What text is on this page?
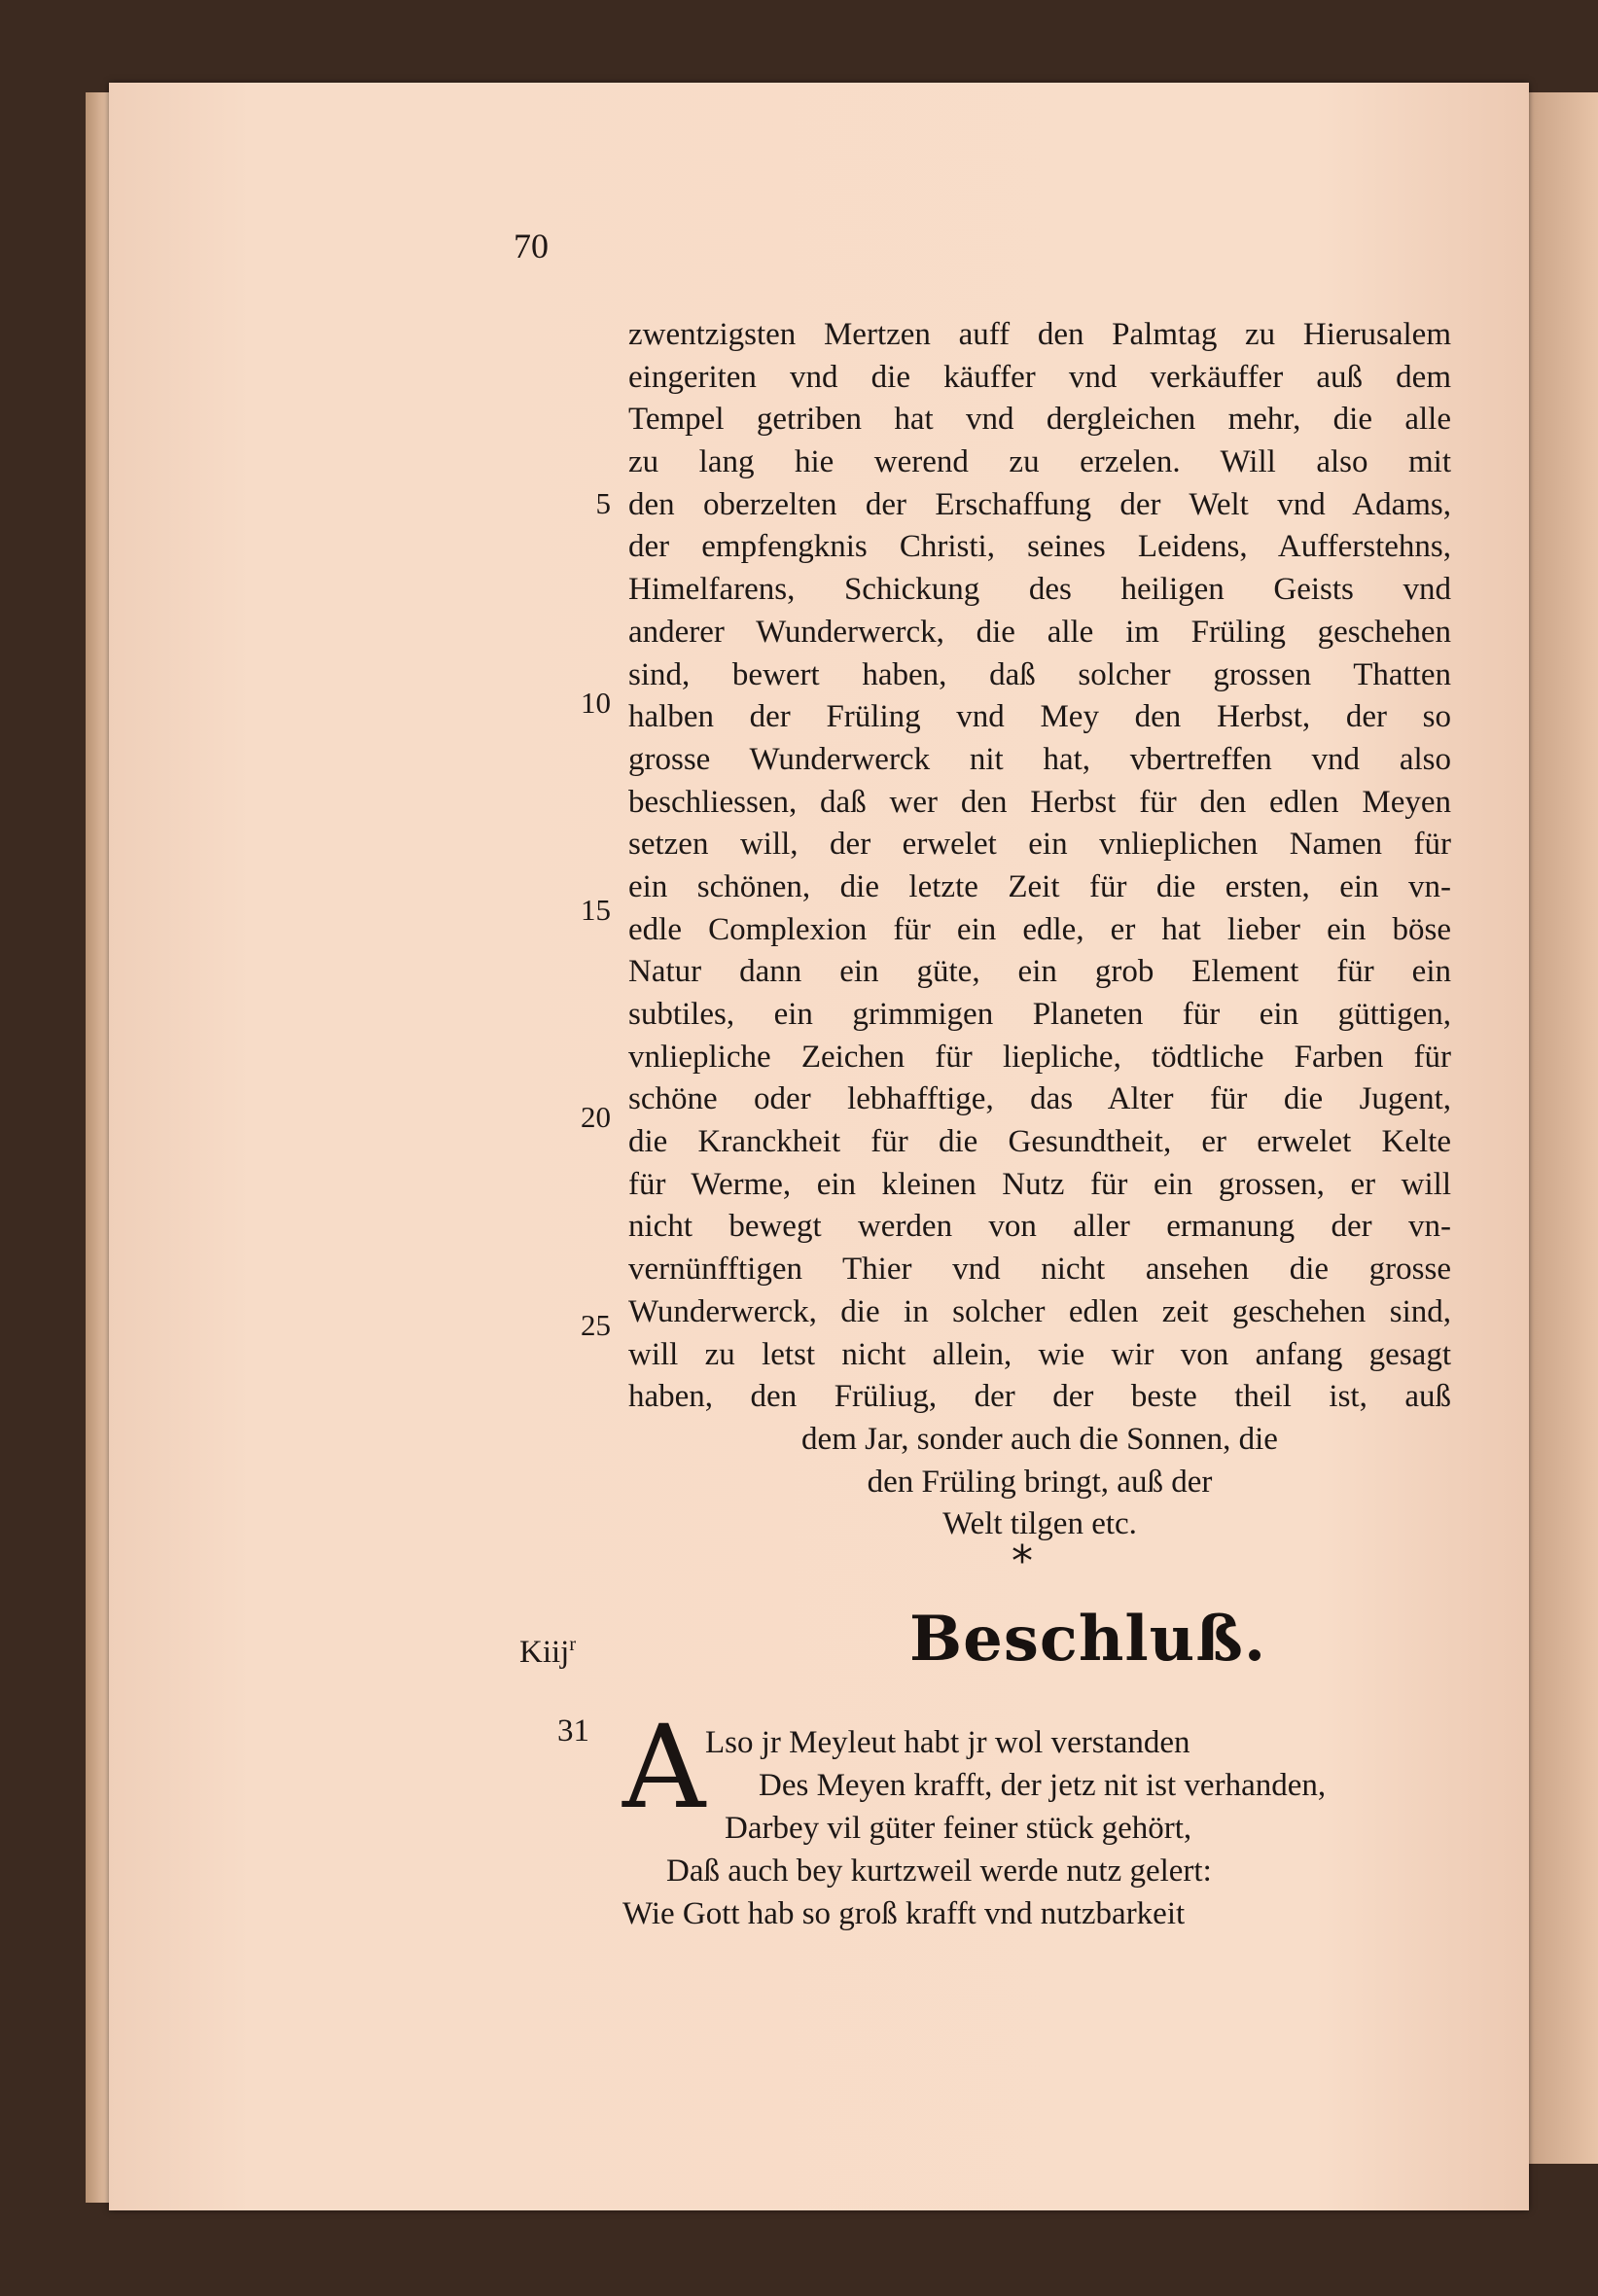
70
zwentzigsten Mertzen auff den Palmtag zu Hierusalem
eingeriten vnd die käuffer vnd verkäuffer auß dem
Tempel getriben hat vnd dergleichen mehr, die alle
zu lang hie werend zu erzelen. Will also mit
den oberzelten der Erschaffung der Welt vnd Adams,
der empfengknis Christi, seines Leidens, Aufferstehns,
Himelfarens, Schickung des heiligen Geists vnd
anderer Wunderwerck, die alle im Früling geschehen
sind, bewert haben, daß solcher grossen Thatten
halben der Früling vnd Mey den Herbst, der so
grosse Wunderwerck nit hat, vbertreffen vnd also
beschliessen, daß wer den Herbst für den edlen Meyen
setzen will, der erwelet ein vnlieplichen Namen für
ein schönen, die letzte Zeit für die ersten, ein vn-
edle Complexion für ein edle, er hat lieber ein böse
Natur dann ein güte, ein grob Element für ein
subtiles, ein grimmigen Planeten für ein güttigen,
vnliepliche Zeichen für liepliche, tödtliche Farben für
schöne oder lebhafftige, das Alter für die Jugent,
die Kranckheit für die Gesundtheit, er erwelet Kelte
für Werme, ein kleinen Nutz für ein grossen, er will
nicht bewegt werden von aller ermanung der vn-
vernünfftigen Thier vnd nicht ansehen die grosse
Wunderwerck, die in solcher edlen zeit geschehen sind,
will zu letst nicht allein, wie wir von anfang gesagt
haben, den Früliug, der der beste theil ist, auß
dem Jar, sonder auch die Sonnen, die
den Früling bringt, auß der
Welt tilgen etc.
5
10
15
20
25
*
Kiij$^r$	Beschluß.
31 A Lso jr Meyleut habt jr wol verstanden
Des Meyen krafft, der jetz nit ist verhanden,
Darbey vil güter feiner stück gehört,
Daß auch bey kurtzweil werde nutz gelert:
Wie Gott hab so groß krafft vnd nutzbarkeit
